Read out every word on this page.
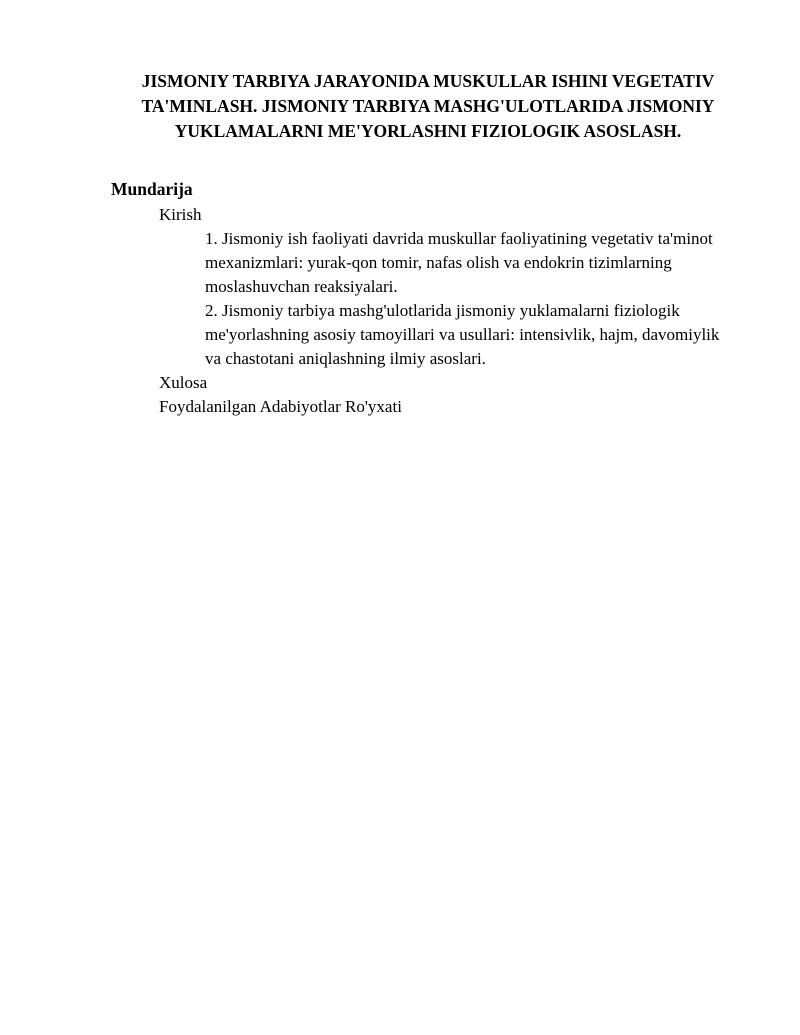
JISMONIY TARBIYA JARAYONIDA MUSKULLAR ISHINI VEGETATIV TA'MINLASH. JISMONIY TARBIYA MASHG'ULOTLARIDA JISMONIY YUKLAMALARNI ME'YORLASHNI FIZIOLOGIK ASOSLASH.
Mundarija
Kirish
1. Jismoniy ish faoliyati davrida muskullar faoliyatining vegetativ ta'minot mexanizmlari: yurak-qon tomir, nafas olish va endokrin tizimlarning moslashuvchan reaksiyalari.
2. Jismoniy tarbiya mashg'ulotlarida jismoniy yuklamalarni fiziologik me'yorlashning asosiy tamoyillari va usullari: intensivlik, hajm, davomiylik va chastotani aniqlashning ilmiy asoslari.
Xulosa
Foydalanilgan Adabiyotlar Ro'yxati
